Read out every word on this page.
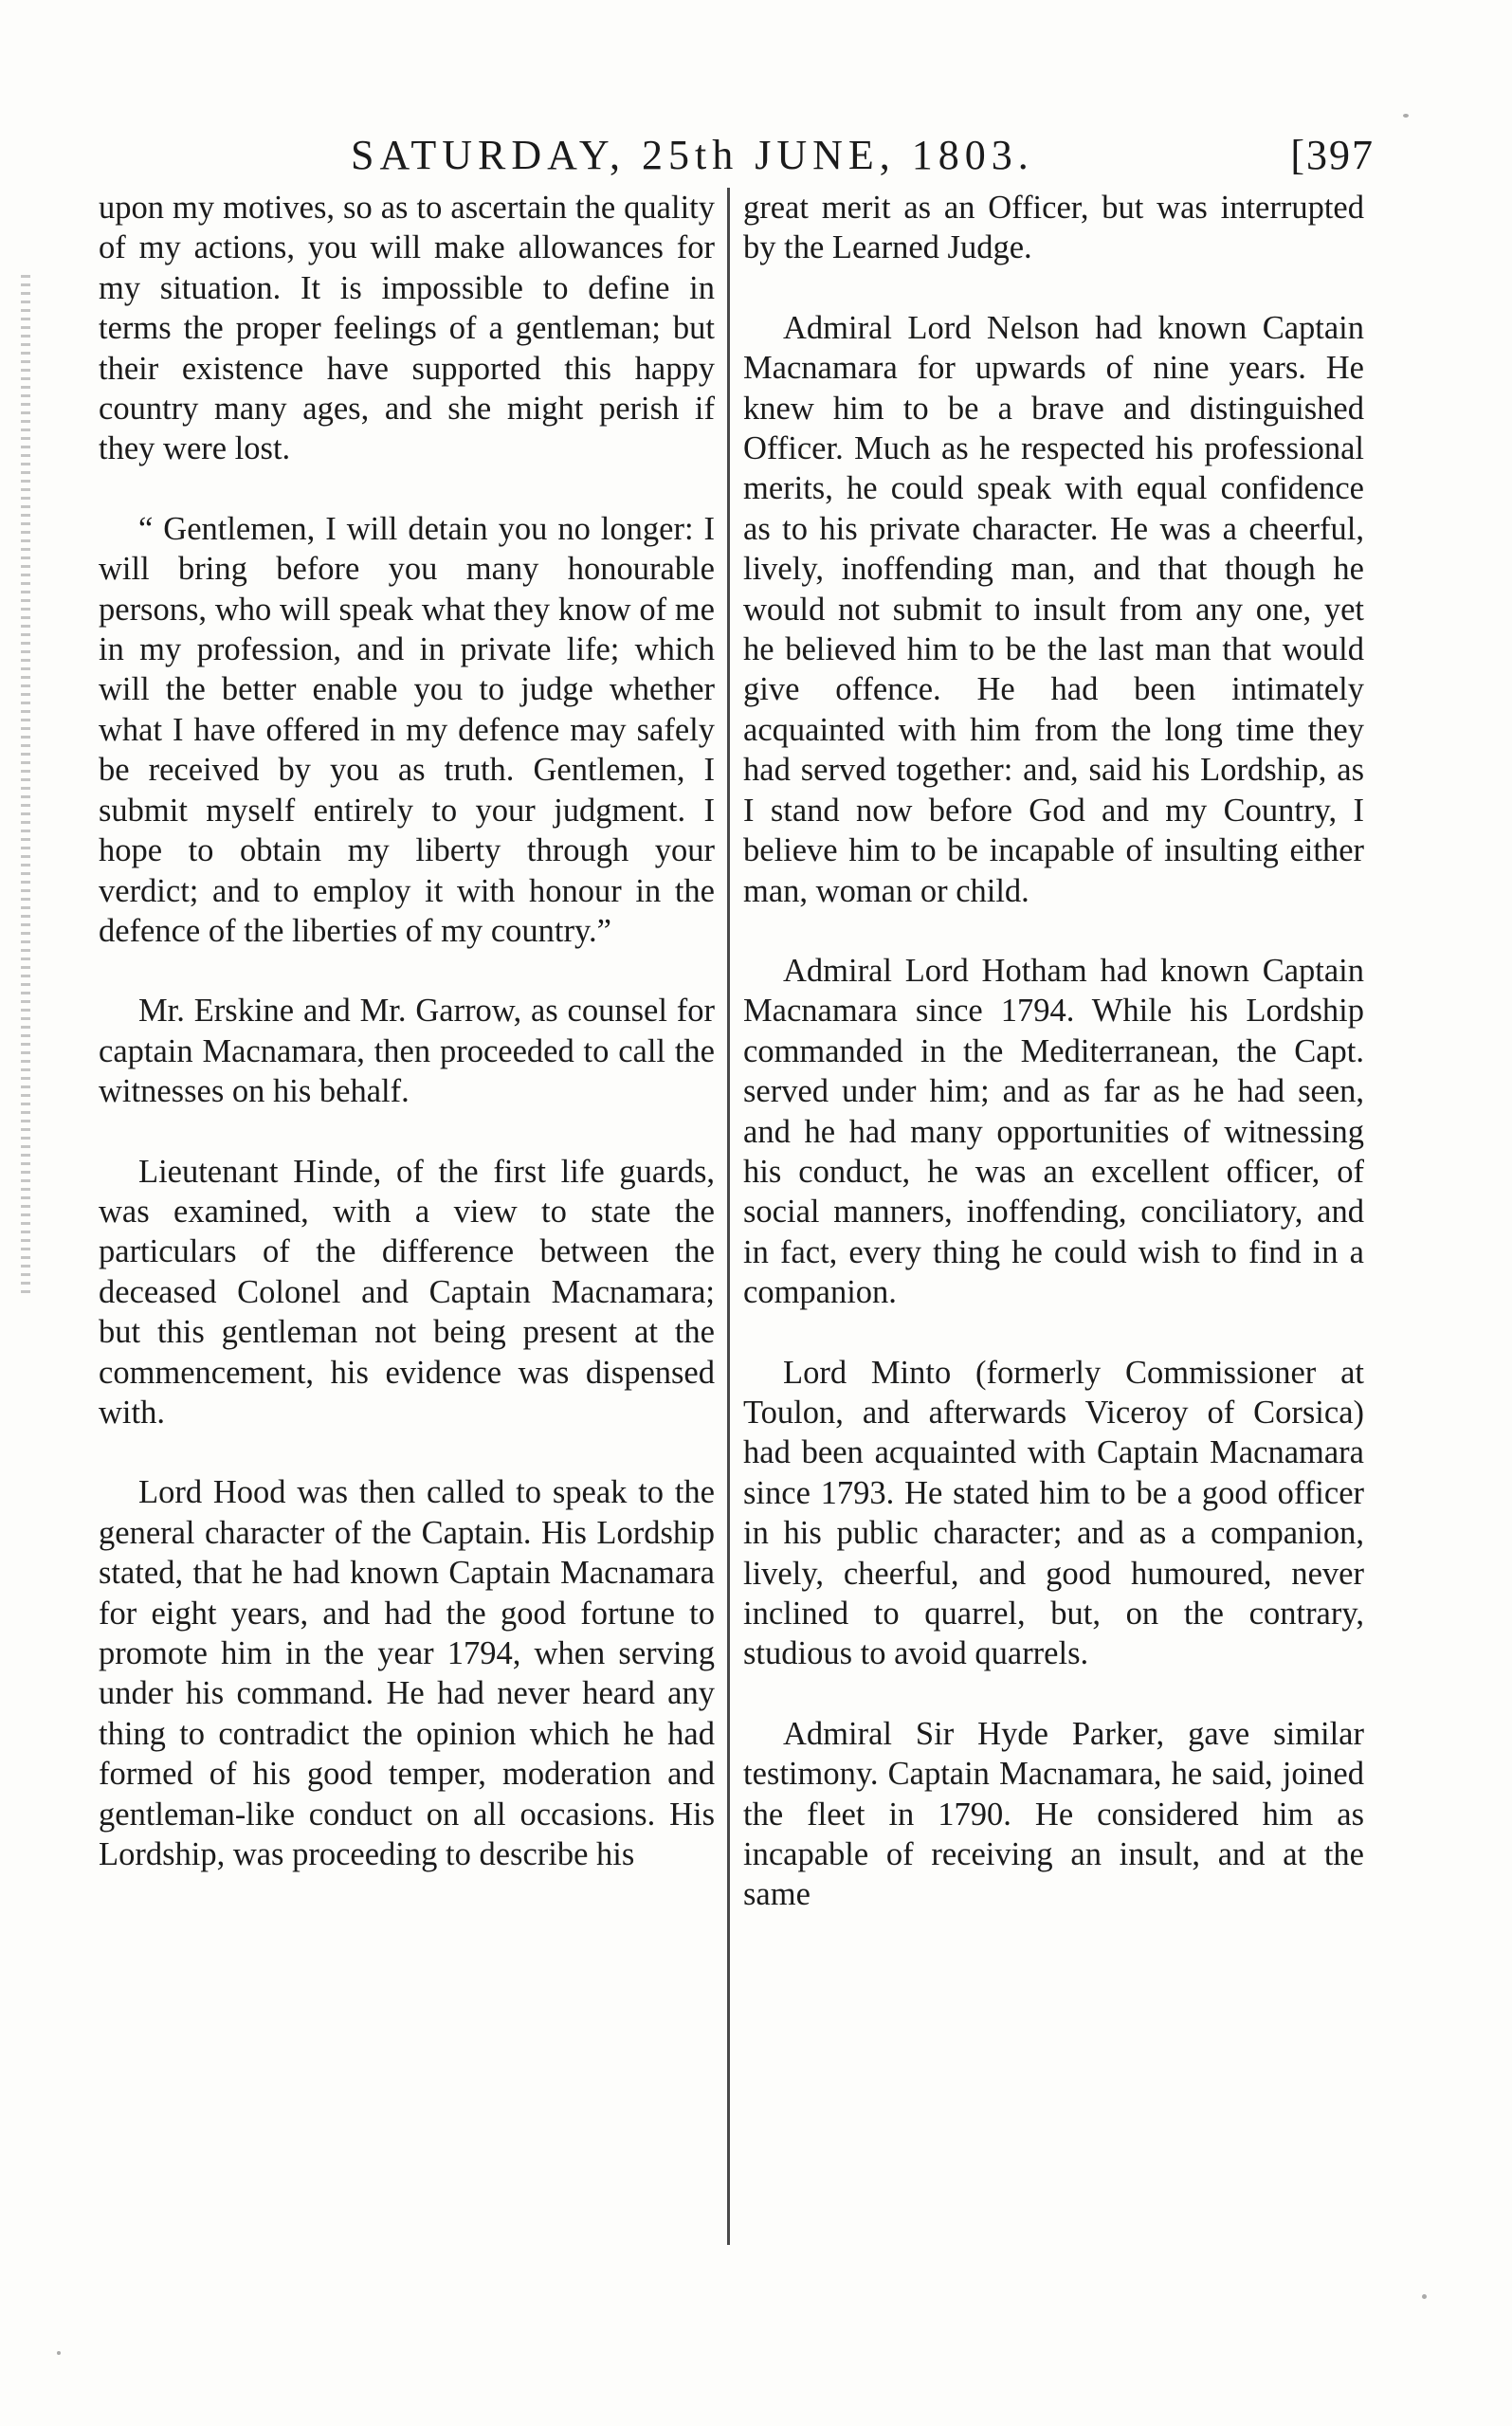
SATURDAY, 25th JUNE, 1803.	[397

upon my motives, so as to ascertain the quality of my actions, you will make allowances for my situation. It is impossible to define in terms the proper feelings of a gentleman; but their existence have supported this happy country many ages, and she might perish if they were lost.

“ Gentlemen, I will detain you no longer: I will bring before you many honourable persons, who will speak what they know of me in my profession, and in private life; which will the better enable you to judge whether what I have offered in my defence may safely be received by you as truth. Gentlemen, I submit myself entirely to your judgment. I hope to obtain my liberty through your verdict; and to employ it with honour in the defence of the liberties of my country.”

Mr. Erskine and Mr. Garrow, as counsel for captain Macnamara, then proceeded to call the witnesses on his behalf.

Lieutenant Hinde, of the first life guards, was examined, with a view to state the particulars of the difference between the deceased Colonel and Captain Macnamara; but this gentleman not being present at the commencement, his evidence was dispensed with.

Lord Hood was then called to speak to the general character of the Captain. His Lordship stated, that he had known Captain Macnamara for eight years, and had the good fortune to promote him in the year 1794, when serving under his command. He had never heard any thing to contradict the opinion which he had formed of his good temper, moderation and gentleman-like conduct on all occasions. His Lordship, was proceeding to describe his

great merit as an Officer, but was interrupted by the Learned Judge.

Admiral Lord Nelson had known Captain Macnamara for upwards of nine years. He knew him to be a brave and distinguished Officer. Much as he respected his professional merits, he could speak with equal confidence as to his private character. He was a cheerful, lively, inoffending man, and that though he would not submit to insult from any one, yet he believed him to be the last man that would give offence. He had been intimately acquainted with him from the long time they had served together: and, said his Lordship, as I stand now before God and my Country, I believe him to be incapable of insulting either man, woman or child.

Admiral Lord Hotham had known Captain Macnamara since 1794. While his Lordship commanded in the Mediterranean, the Capt. served under him; and as far as he had seen, and he had many opportunities of witnessing his conduct, he was an excellent officer, of social manners, inoffending, conciliatory, and in fact, every thing he could wish to find in a companion.

Lord Minto (formerly Commissioner at Toulon, and afterwards Viceroy of Corsica) had been acquainted with Captain Macnamara since 1793. He stated him to be a good officer in his public character; and as a companion, lively, cheerful, and good humoured, never inclined to quarrel, but, on the contrary, studious to avoid quarrels.

Admiral Sir Hyde Parker, gave similar testimony. Captain Macnamara, he said, joined the fleet in 1790. He considered him as incapable of receiving an insult, and at the same
